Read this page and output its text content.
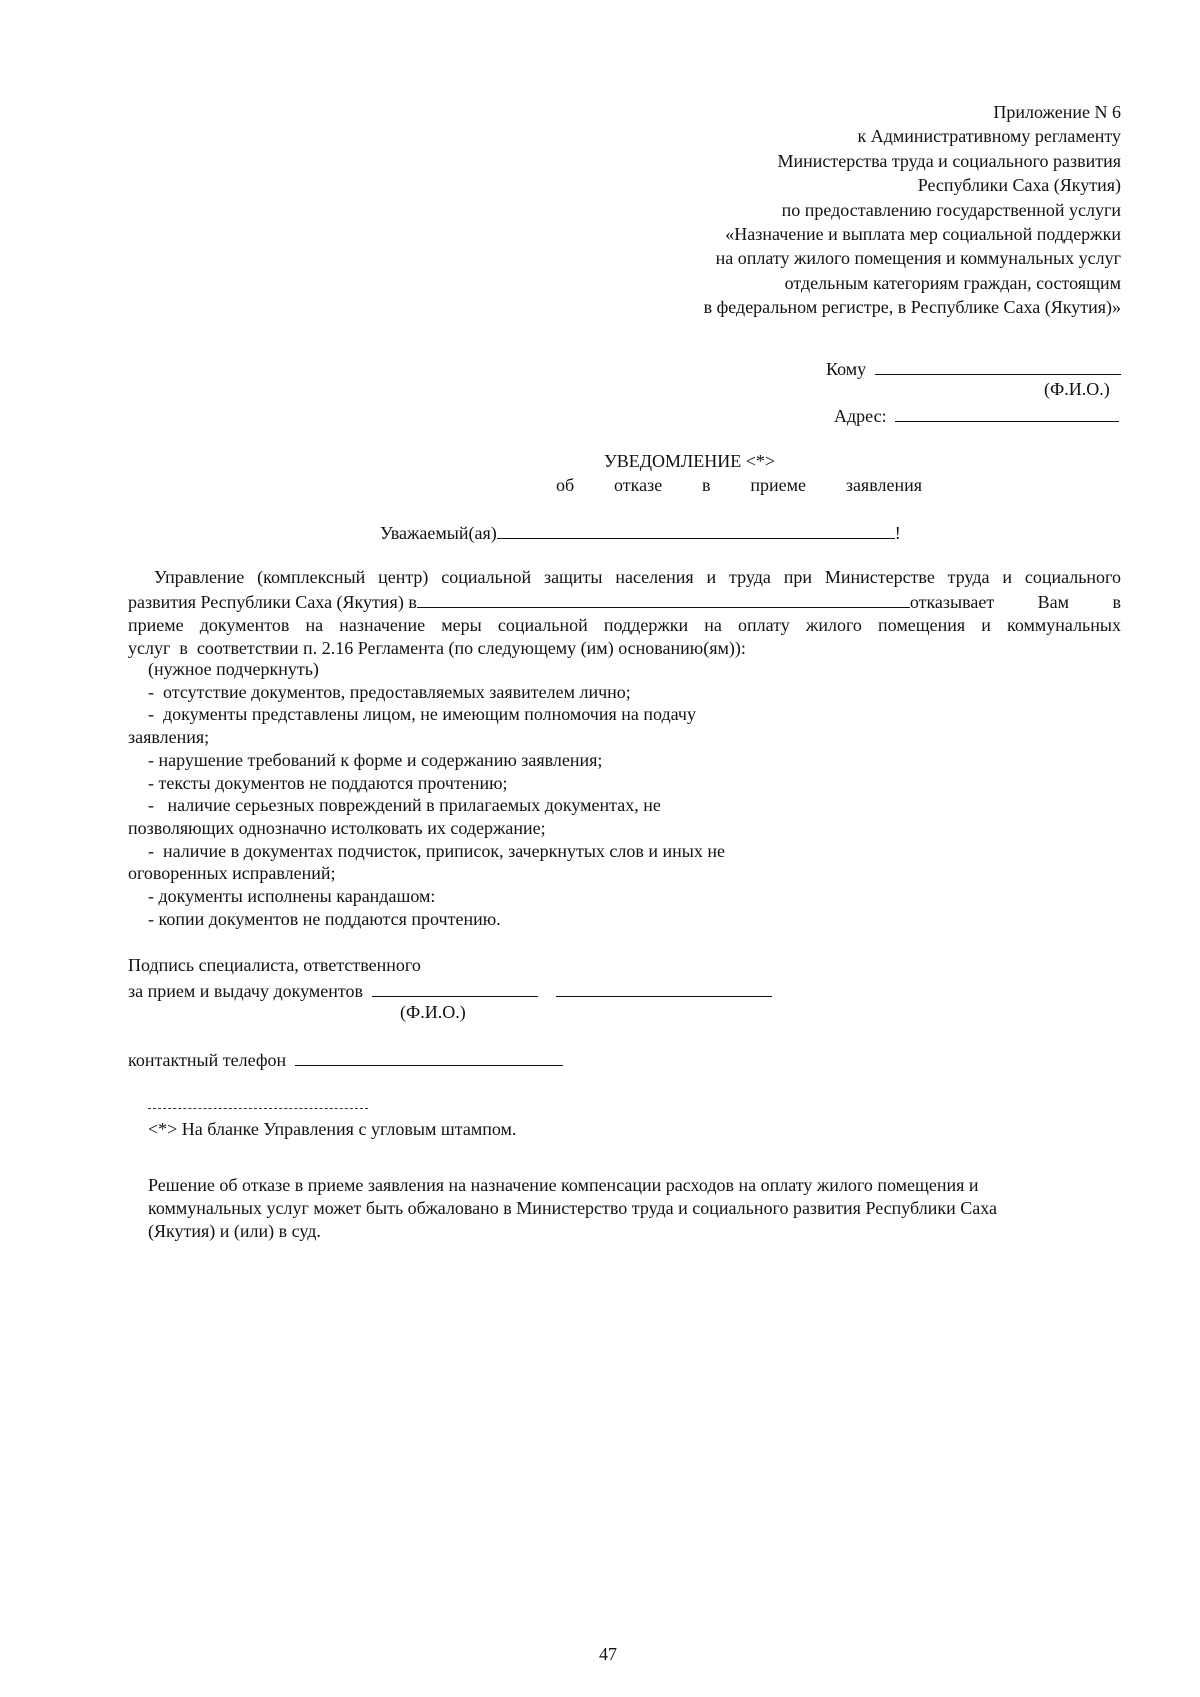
Приложение N 6
к Административному регламенту
Министерства труда и социального развития
Республики Саха (Якутия)
по предоставлению государственной услуги
«Назначение и выплата мер социальной поддержки
на оплату жилого помещения и коммунальных услуг
отдельным категориям граждан, состоящим
в федеральном регистре, в Республике Саха (Якутия)»
Кому
(Ф.И.О.)
Адрес:
УВЕДОМЛЕНИЕ <*>
об отказе в приеме заявления
Уважаемый(ая)	!
Управление (комплексный центр) социальной защиты населения и труда при Министерстве труда и социального
развития Республики Саха (Якутия) в	отказывает Вам в
приеме документов на назначение меры социальной поддержки на оплату жилого помещения и коммунальных
услуг  в  соответствии п. 2.16 Регламента (по следующему (им) основанию(ям)):
(нужное подчеркнуть)
-  отсутствие документов, предоставляемых заявителем лично;
-  документы представлены лицом, не имеющим полномочия на подачу
заявления;
- нарушение требований к форме и содержанию заявления;
- тексты документов не поддаются прочтению;
-   наличие серьезных повреждений в прилагаемых документах, не
позволяющих однозначно истолковать их содержание;
-  наличие в документах подчисток, приписок, зачеркнутых слов и иных не
оговоренных исправлений;
- документы исполнены карандашом:
- копии документов не поддаются прочтению.
Подпись специалиста, ответственного
за прием и выдачу документов
(Ф.И.О.)
контактный телефон
<*> На бланке Управления с угловым штампом.
Решение об отказе в приеме заявления на назначение компенсации расходов на оплату жилого помещения и
коммунальных услуг может быть обжаловано в Министерство труда и социального развития Республики Саха
(Якутия) и (или) в суд.
47
